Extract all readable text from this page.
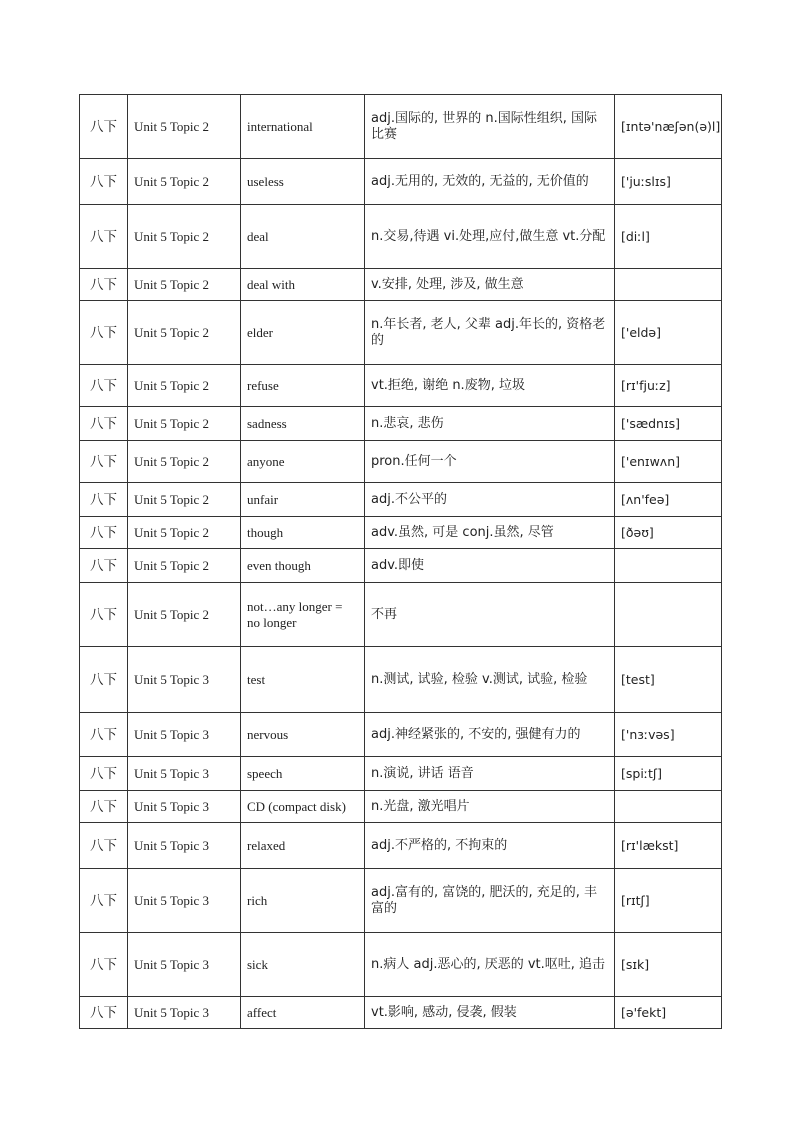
八下	Unit 5 Topic 2	international	adj.国际的, 世界的 n.国际性组织, 国际比赛	[ɪntə'næʃən(ə)l]
八下	Unit 5 Topic 2	useless	adj.无用的, 无效的, 无益的, 无价值的	['juːslɪs]
八下	Unit 5 Topic 2	deal	n.交易,待遇 vi.处理,应付,做生意 vt.分配	[diːl]
八下	Unit 5 Topic 2	deal with	v.安排, 处理, 涉及, 做生意	
八下	Unit 5 Topic 2	elder	n.年长者, 老人, 父辈 adj.年长的, 资格老的	['eldə]
八下	Unit 5 Topic 2	refuse	vt.拒绝, 谢绝 n.废物, 垃圾	[rɪ'fjuːz]
八下	Unit 5 Topic 2	sadness	n.悲哀, 悲伤	['sædnɪs]
八下	Unit 5 Topic 2	anyone	pron.任何一个	['enɪwʌn]
八下	Unit 5 Topic 2	unfair	adj.不公平的	[ʌn'feə]
八下	Unit 5 Topic 2	though	adv.虽然, 可是 conj.虽然, 尽管	[ðəʊ]
八下	Unit 5 Topic 2	even though	adv.即使	
八下	Unit 5 Topic 2	not…any longer = no longer	不再	
八下	Unit 5 Topic 3	test	n.测试, 试验, 检验 v.测试, 试验, 检验	[test]
八下	Unit 5 Topic 3	nervous	adj.神经紧张的, 不安的, 强健有力的	['nɜːvəs]
八下	Unit 5 Topic 3	speech	n.演说, 讲话 语音	[spiːtʃ]
八下	Unit 5 Topic 3	CD (compact disk)	n.光盘, 激光唱片	
八下	Unit 5 Topic 3	relaxed	adj.不严格的, 不拘束的	[rɪ'lækst]
八下	Unit 5 Topic 3	rich	adj.富有的, 富饶的, 肥沃的, 充足的, 丰富的	[rɪtʃ]
八下	Unit 5 Topic 3	sick	n.病人 adj.恶心的, 厌恶的 vt.呕吐, 追击	[sɪk]
八下	Unit 5 Topic 3	affect	vt.影响, 感动, 侵袭, 假装	[ə'fekt]
